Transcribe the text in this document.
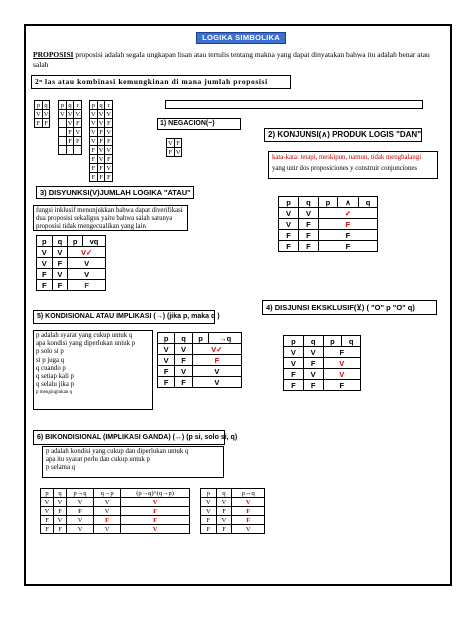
LOGIKA SIMBOLIKA
PROPOSISI proposisi adalah segala ungkapan lisan atau tertulis tentang makna yang dapat dinyatakan bahwa itu adalah benar atau salah
2ⁿ las atau kombinasi kemungkinan di mana jumlah proposisi
p	q
V	V
F	F
p	q	r
V	V	V
	V	F
	F	V
	F	F

p	q	r
V	V	V
V	V	F
V	F	V
V	F	F
F	V	V
F	V	F
F	F	V
F	F	F
1) NEGACION(~)
V	F
F	V
2) KONJUNSI(∧) PRODUK LOGIS "DAN"
kata-kata: tetapi, meskipun, namun, tidak menghalangi
yang unir dos proposiciones y construir conjunciones
p	q	p	∧	q
V	V	✓		
V	F	F		
F	F	F		
F	F	F		
3) DISYUNKSI(V)JUMLAH LOGIKA "ATAU"
fungsi inklusif menunjukkan bahwa dapat diverifikasi dua proposisi sekaligus yaitu bahwa salah satunya proposisi tidak mengecualikan yang lain
p	q	p	vq
V	V	V✓	
V	F	V	
F	V	V	
F	F	F	
5) KONDISIONAL ATAU IMPLIKASI (→) (jika p, maka q )
p adalah syarat yang cukup untuk q
apa kondisi yang diperlukan untuk p
p solo si p
si p juga q
q cuando p
q setiap kali p
q selalu jika p
p menginginkan q
p	q	p	→q
V	V	V✓	
V	F	F	
F	V	V	
F	F	V	
4) DISJUNSI EKSKLUSIF(⊻) ( "O" p "O" q)
p	q	p	q
V	V	F	
V	F	V	
F	V	V	
F	F	F	
6) BIKONDISIONAL (IMPLIKASI GANDA) (↔) (p si, solo si, q)
p adalah kondisi yang cukup dan diperlukan untuk q
apa itu syarat perlu dan cukup untuk p
p selama q
p	q	p→q	q→p	(p→q)^(q→p)
V	V	V	V	V
V	F	F	V	F
F	V	V	F	F
F	F	V	V	V
p	q	p↔q
V	V	V
V	F	F
F	V	F
F	F	V
